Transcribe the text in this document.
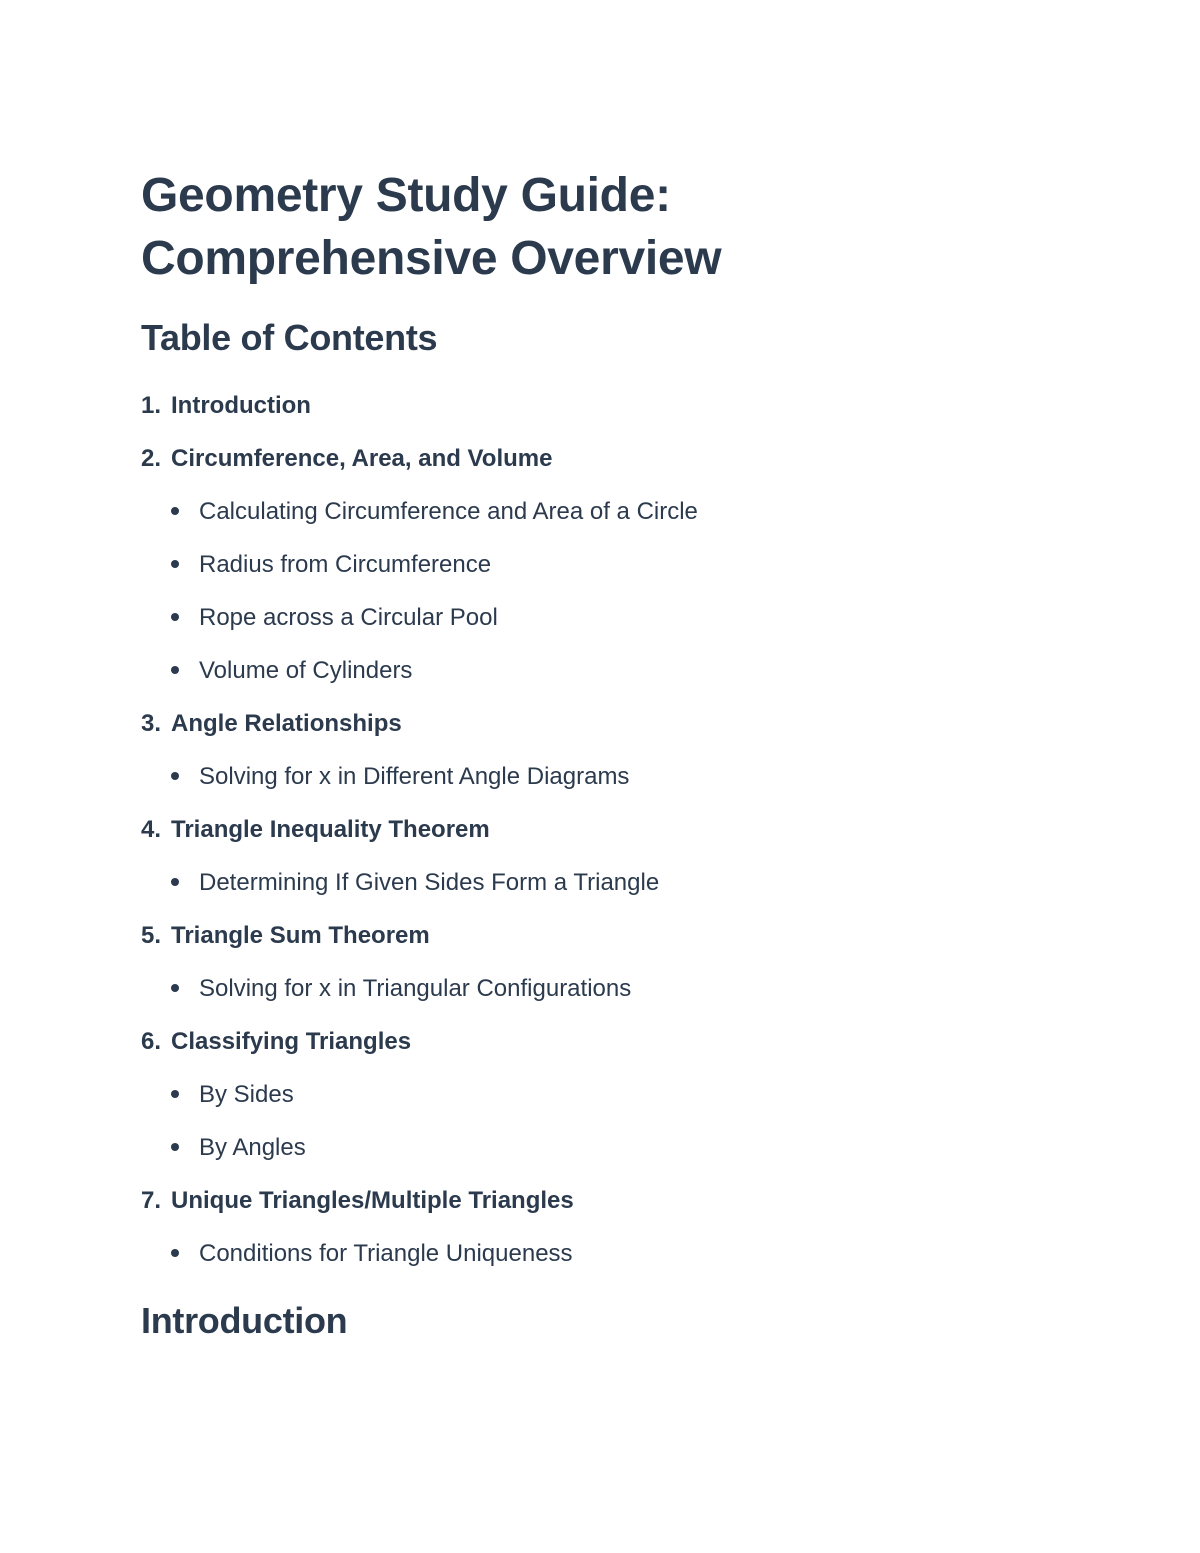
Geometry Study Guide:
Comprehensive Overview
Table of Contents
1. Introduction
2. Circumference, Area, and Volume
Calculating Circumference and Area of a Circle
Radius from Circumference
Rope across a Circular Pool
Volume of Cylinders
3. Angle Relationships
Solving for x in Different Angle Diagrams
4. Triangle Inequality Theorem
Determining If Given Sides Form a Triangle
5. Triangle Sum Theorem
Solving for x in Triangular Configurations
6. Classifying Triangles
By Sides
By Angles
7. Unique Triangles/Multiple Triangles
Conditions for Triangle Uniqueness
Introduction
